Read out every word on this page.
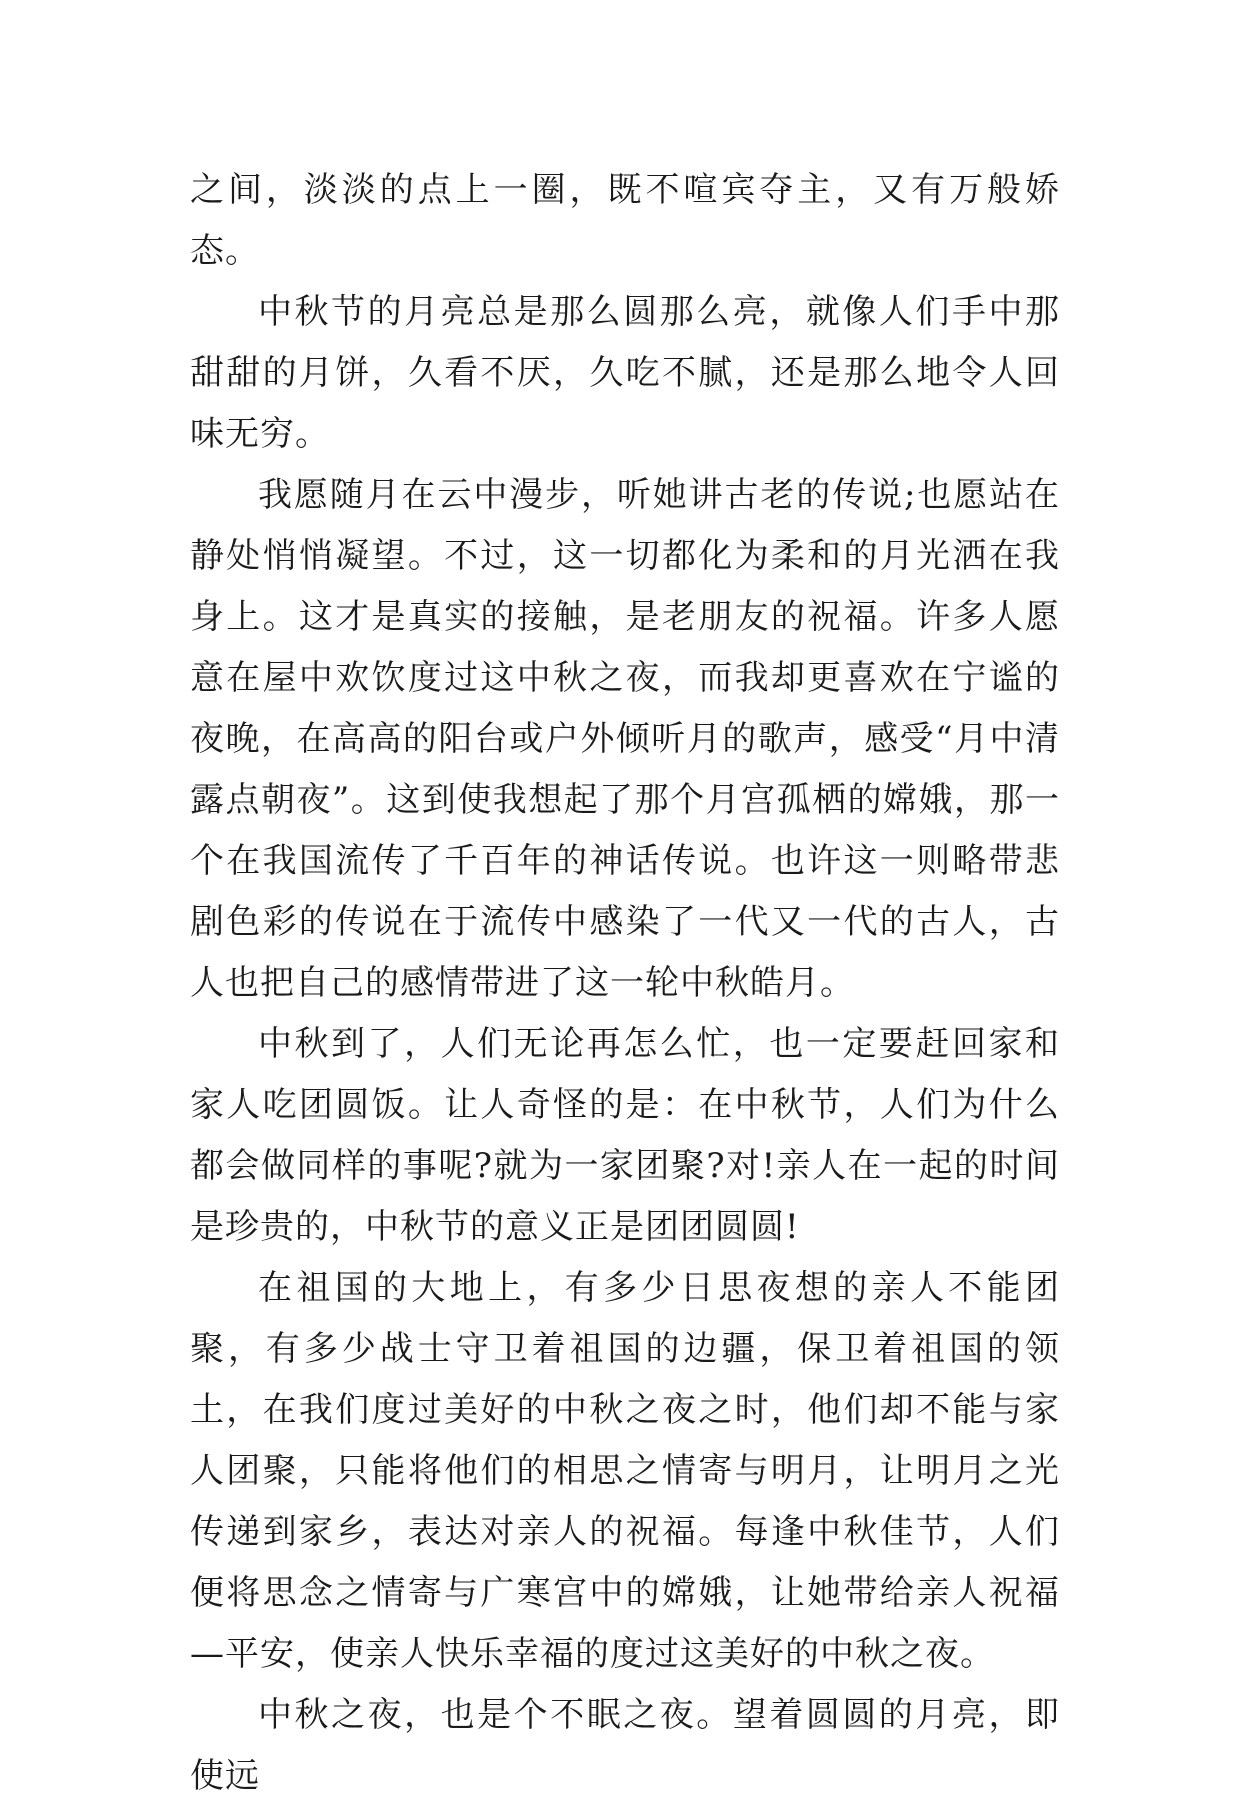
之间，淡淡的点上一圈，既不喧宾夺主，又有万般娇态。

中秋节的月亮总是那么圆那么亮，就像人们手中那甜甜的月饼，久看不厌，久吃不腻，还是那么地令人回味无穷。

我愿随月在云中漫步，听她讲古老的传说;也愿站在静处悄悄凝望。不过，这一切都化为柔和的月光洒在我身上。这才是真实的接触，是老朋友的祝福。许多人愿意在屋中欢饮度过这中秋之夜，而我却更喜欢在宁谧的夜晚，在高高的阳台或户外倾听月的歌声，感受“月中清露点朝夜”。这到使我想起了那个月宫孤栖的嫦娥，那一个在我国流传了千百年的神话传说。也许这一则略带悲剧色彩的传说在于流传中感染了一代又一代的古人，古人也把自己的感情带进了这一轮中秋皓月。

中秋到了，人们无论再怎么忙，也一定要赶回家和家人吃团圆饭。让人奇怪的是：在中秋节，人们为什么都会做同样的事呢?就为一家团聚?对!亲人在一起的时间是珍贵的，中秋节的意义正是团团圆圆!

在祖国的大地上，有多少日思夜想的亲人不能团聚，有多少战士守卫着祖国的边疆，保卫着祖国的领土，在我们度过美好的中秋之夜之时，他们却不能与家人团聚，只能将他们的相思之情寄与明月，让明月之光传递到家乡，表达对亲人的祝福。每逢中秋佳节，人们便将思念之情寄与广寒宫中的嫦娥，让她带给亲人祝福—平安，使亲人快乐幸福的度过这美好的中秋之夜。

中秋之夜，也是个不眠之夜。望着圆圆的月亮，即使远
